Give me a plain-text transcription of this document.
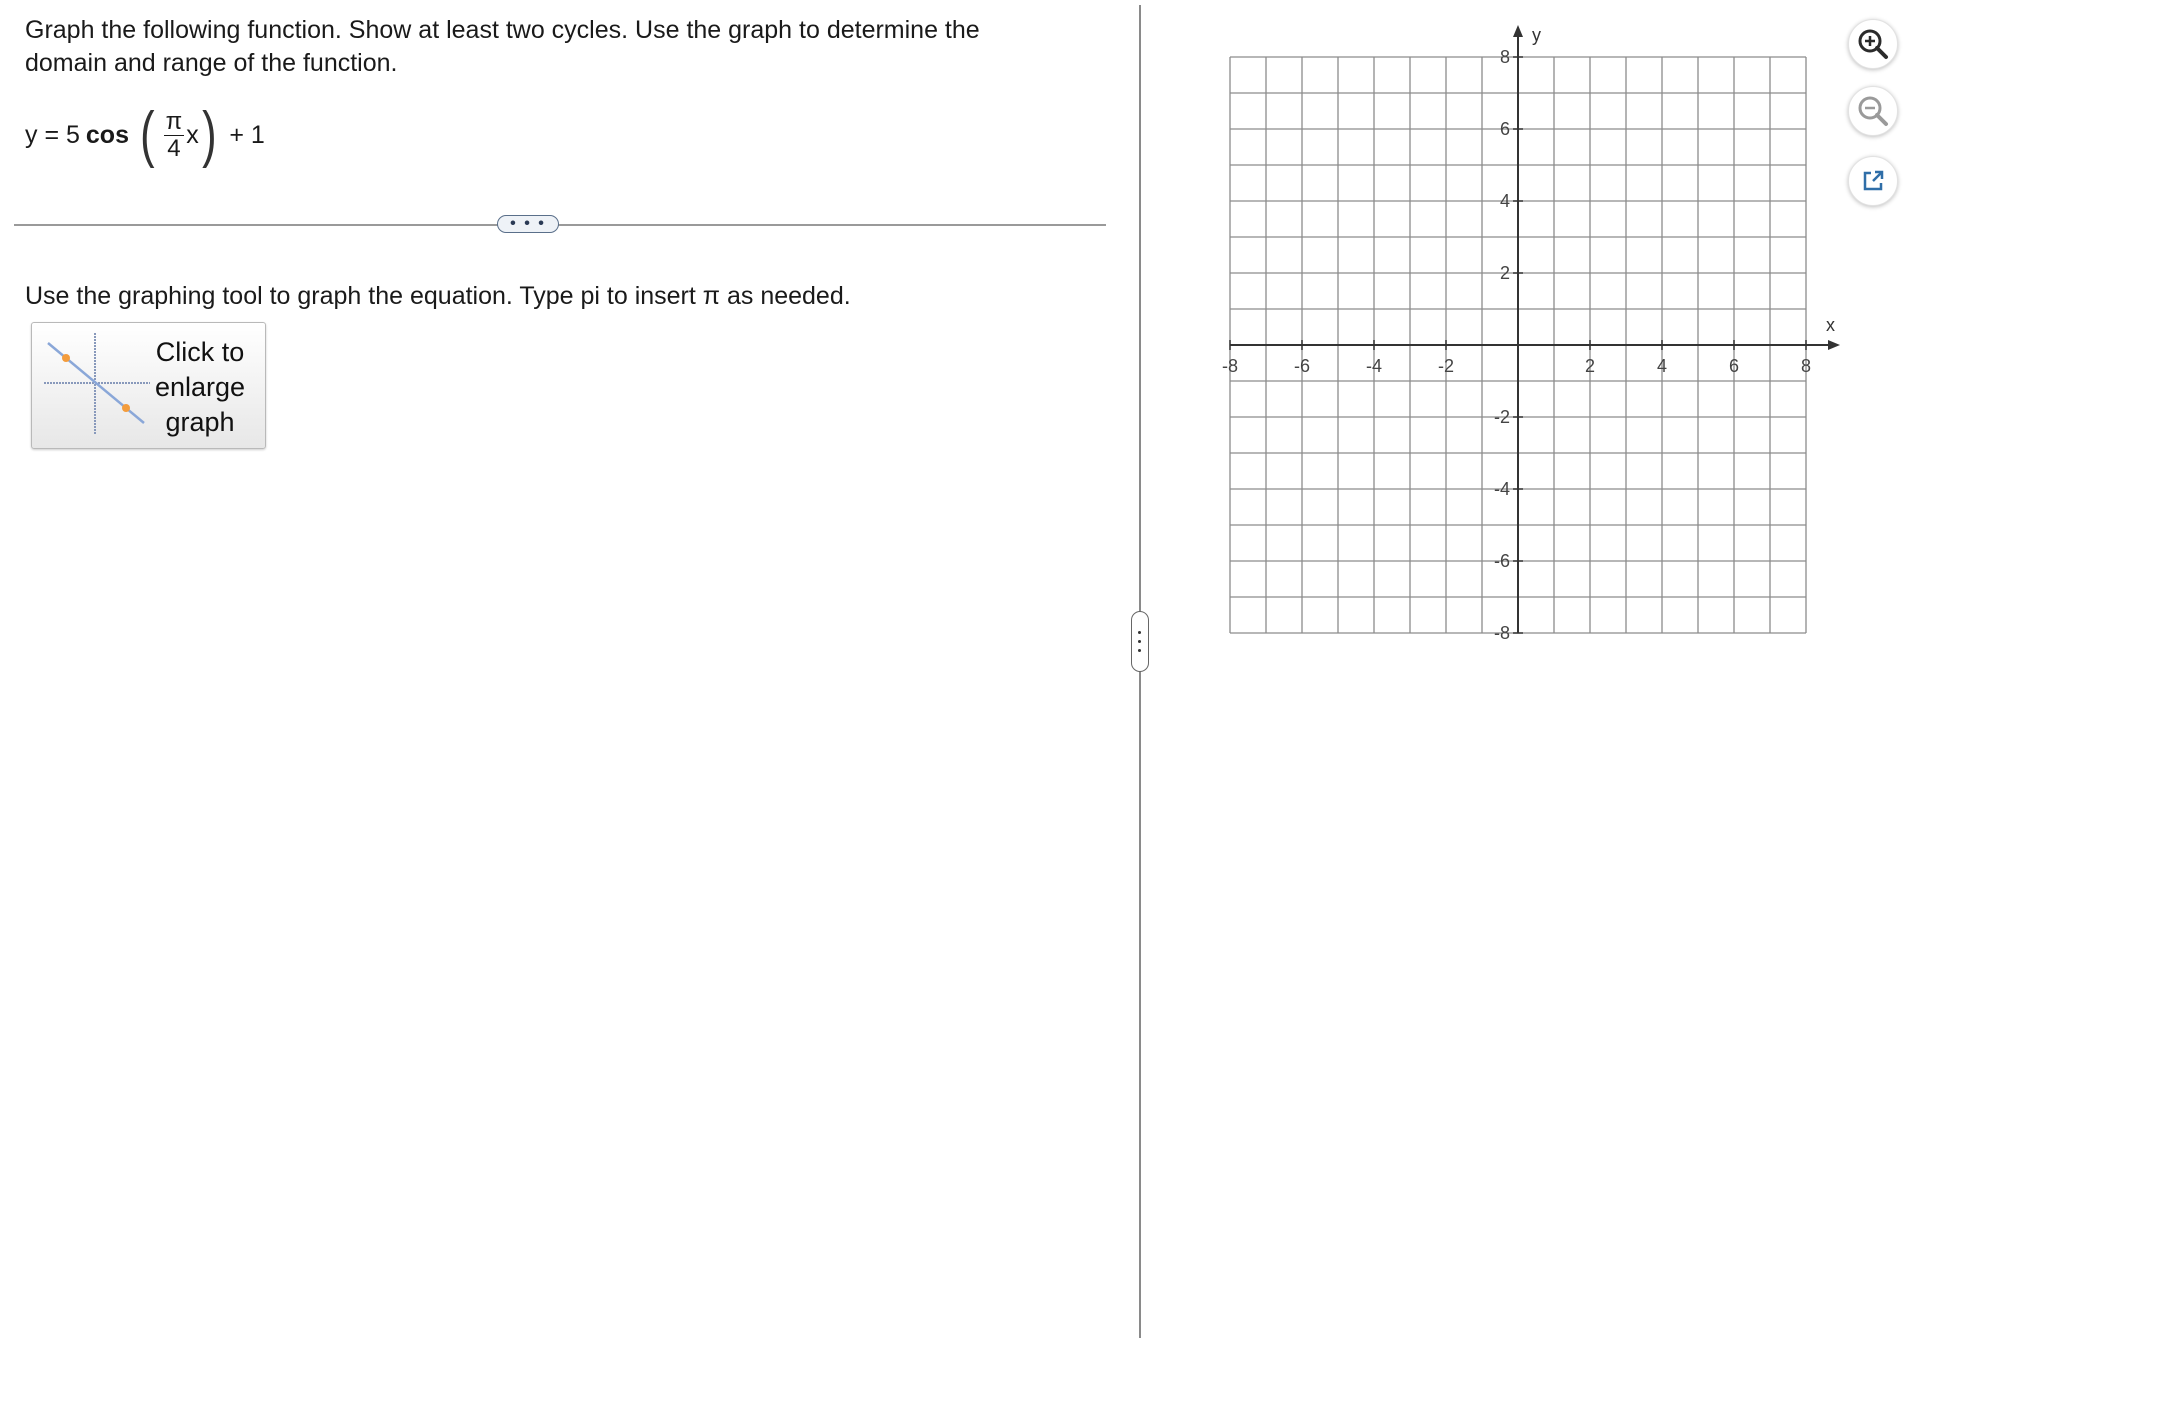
Graph the following function. Show at least two cycles. Use the graph to determine the domain and range of the function.

y = 5 cos ( $\frac{\pi}{4}$ x ) + 1
• • •

Use the graphing tool to graph the equation. Type pi to insert π as needed.

Click to
enlarge
graph
x
y
-8	-6	-4	-2	2	4	6	8
8
6
4
2
-2
-4
-6
-8
